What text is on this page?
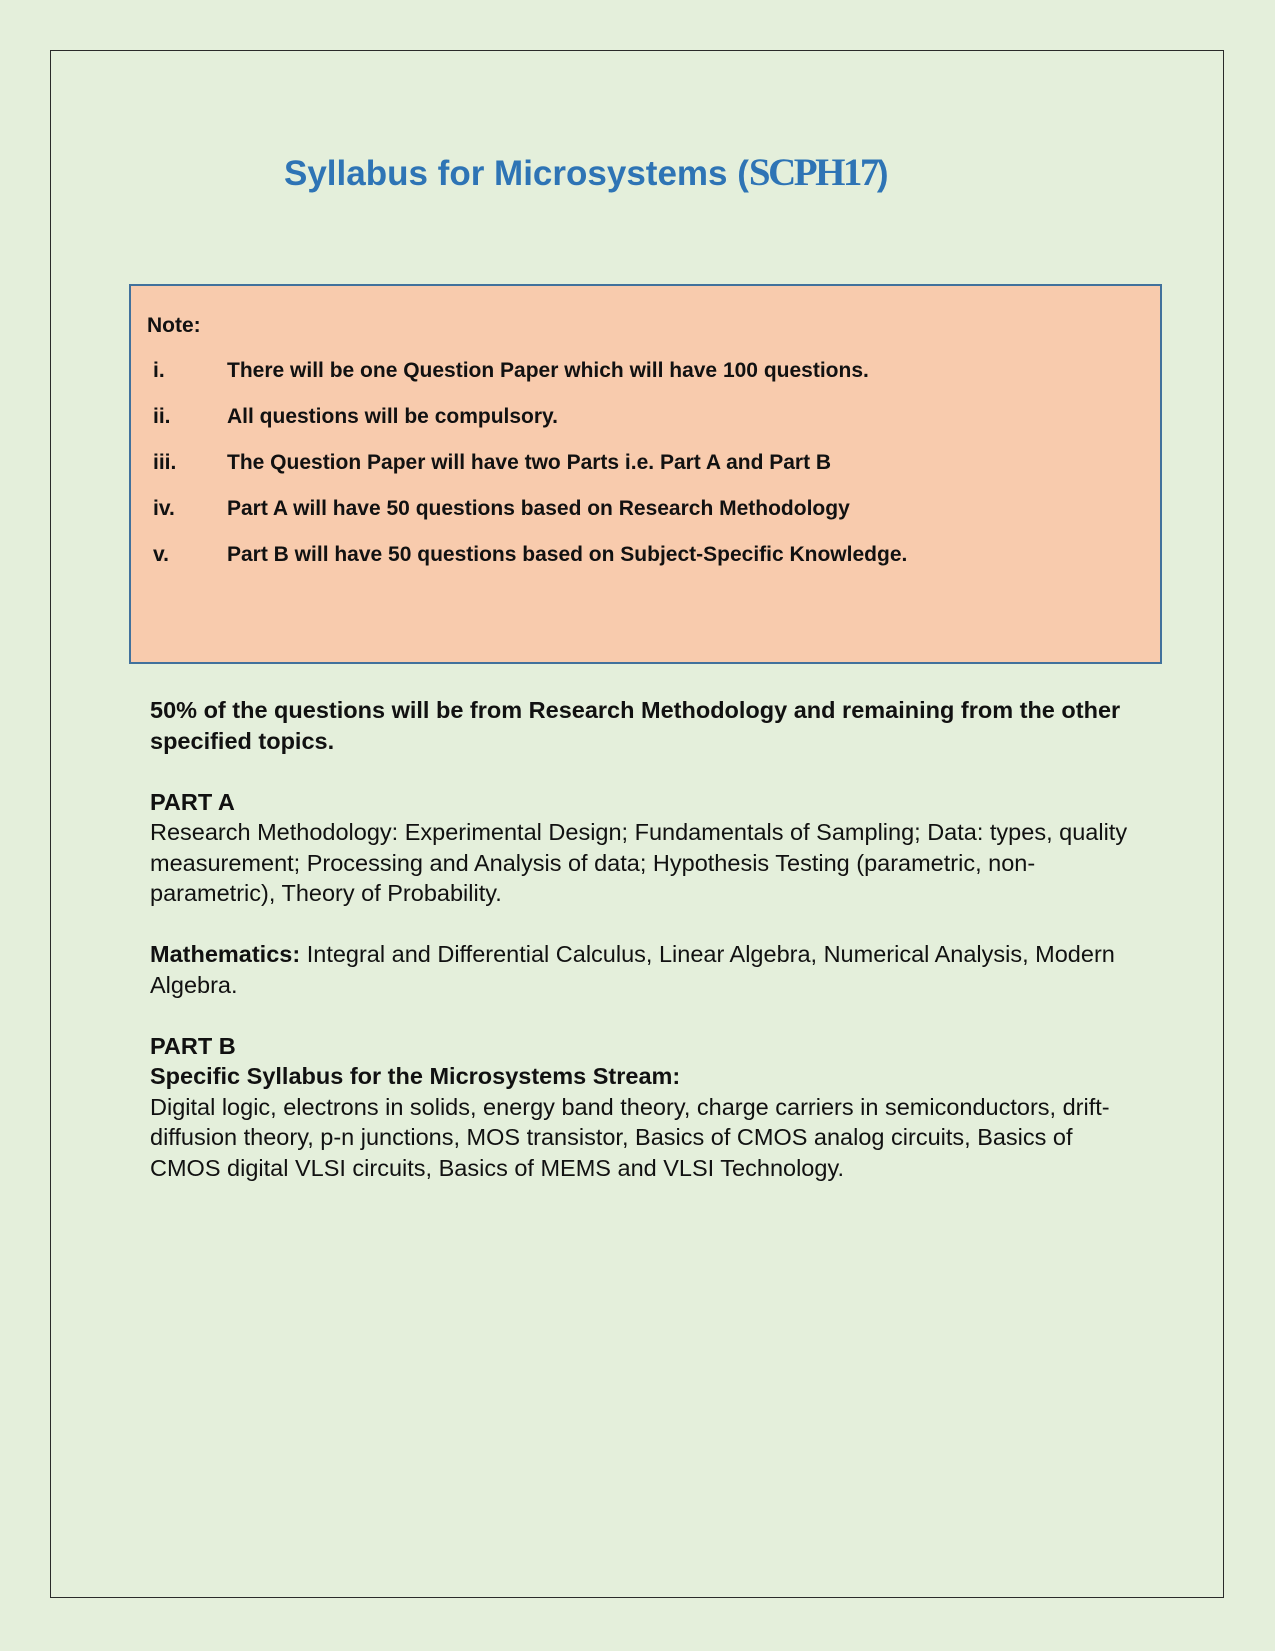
Syllabus for Microsystems (SCPH17)
Note:
i.	There will be one Question Paper which will have 100 questions.
ii.	All questions will be compulsory.
iii. The Question Paper will have two Parts i.e. Part A and Part B
iv. Part A will have 50 questions based on Research Methodology
v.	Part B will have 50 questions based on Subject-Specific Knowledge.

50% of the questions will be from Research Methodology and remaining from the other specified topics.

PART A

Research Methodology: Experimental Design; Fundamentals of Sampling; Data: types, quality measurement; Processing and Analysis of data; Hypothesis Testing (parametric, non-parametric), Theory of Probability.

Mathematics: Integral and Differential Calculus, Linear Algebra, Numerical Analysis, Modern Algebra.

PART B

Specific Syllabus for the Microsystems Stream:

Digital logic, electrons in solids, energy band theory, charge carriers in semiconductors, drift-diffusion theory, p-n junctions, MOS transistor, Basics of CMOS analog circuits, Basics of CMOS digital VLSI circuits, Basics of MEMS and VLSI Technology.
